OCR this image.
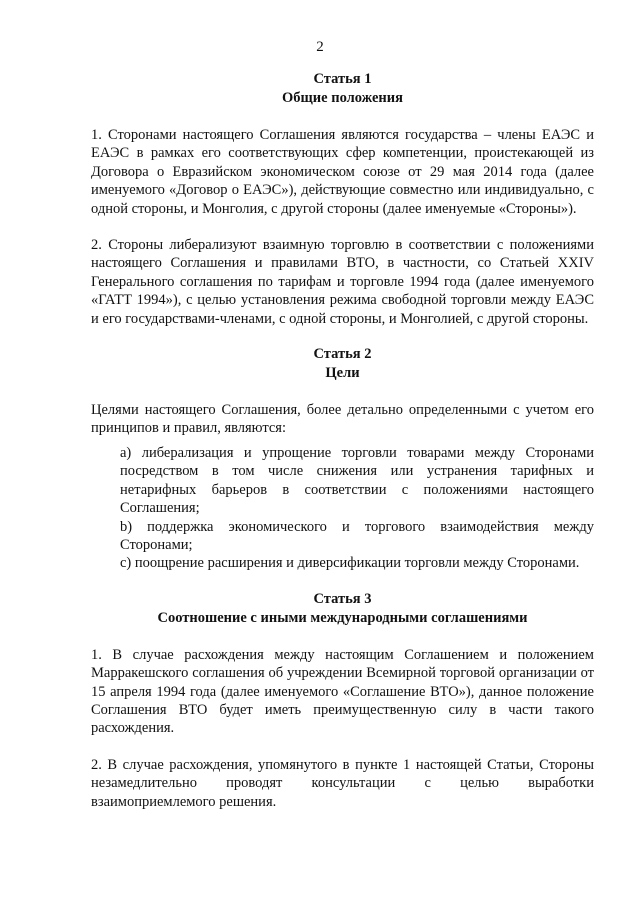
2

Статья 1

Общие положения

1. Сторонами настоящего Соглашения являются государства – члены ЕАЭС и ЕАЭС в рамках его соответствующих сфер компетенции, проистекающей из Договора о Евразийском экономическом союзе от 29 мая 2014 года (далее именуемого «Договор о ЕАЭС»), действующие совместно или индивидуально, с одной стороны, и Монголия, с другой стороны (далее именуемые «Стороны»).

2. Стороны либерализуют взаимную торговлю в соответствии с положениями настоящего Соглашения и правилами ВТО, в частности, со Статьей XXIV Генерального соглашения по тарифам и торговле 1994 года (далее именуемого «ГАТТ 1994»), с целью установления режима свободной торговли между ЕАЭС и его государствами-членами, с одной стороны, и Монголией, с другой стороны.

Статья 2

Цели

Целями настоящего Соглашения, более детально определенными с учетом его принципов и правил, являются:

а) либерализация и упрощение торговли товарами между Сторонами посредством в том числе снижения или устранения тарифных и нетарифных барьеров в соответствии с положениями настоящего Соглашения;

b) поддержка экономического и торгового взаимодействия между Сторонами;

с) поощрение расширения и диверсификации торговли между Сторонами.

Статья 3

Соотношение с иными международными соглашениями

1. В случае расхождения между настоящим Соглашением и положением Марракешского соглашения об учреждении Всемирной торговой организации от 15 апреля 1994 года (далее именуемого «Соглашение ВТО»), данное положение Соглашения ВТО будет иметь преимущественную силу в части такого расхождения.

2. В случае расхождения, упомянутого в пункте 1 настоящей Статьи, Стороны незамедлительно проводят консультации с целью выработки взаимоприемлемого решения.
